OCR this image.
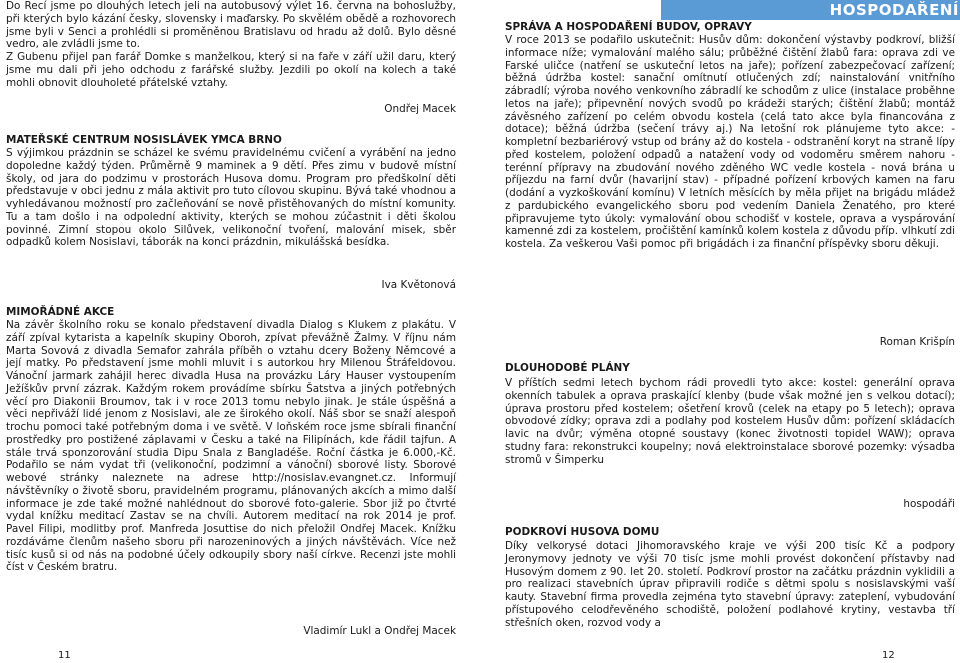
Do Recí jsme po dlouhých letech jeli na autobusový výlet 16. června na bohoslužby, při kterých bylo kázání česky, slovensky i maďarsky. Po skvělém obědě a rozhovorech jsme byli v Senci a prohlédli si proměněnou Bratislavu od hradu až dolů. Bylo děsné vedro, ale zvládli jsme to.

Z Gubenu přijel pan farář Domke s manželkou, který si na faře v září užil daru, který jsme mu dali při jeho odchodu z farářské služby. Jezdili po okolí na kolech a také mohli obnovit dlouholeté přátelské vztahy.

Ondřej Macek
MATEŘSKÉ CENTRUM NOSISLÁVEK YMCA BRNO

S výjimkou prázdnin se scházel ke svému pravidelnému cvičení a vyrábění na jedno dopoledne každý týden. Průměrně 9 maminek a 9 dětí. Přes zimu v budově místní školy, od jara do podzimu v prostorách Husova domu. Program pro předškolní děti představuje v obci jednu z mála aktivit pro tuto cílovou skupinu. Bývá také vhodnou a vyhledávanou možností pro začleňování se nově přistěhovaných do místní komunity. Tu a tam došlo i na odpolední aktivity, kterých se mohou zúčastnit i děti školou povinné. Zimní stopou okolo Silůvek, velikonoční tvoření, malování misek, sběr odpadků kolem Nosislavi, táborák na konci prázdnin, mikulášská besídka.

Iva Květonová
MIMOŘÁDNÉ AKCE

Na závěr školního roku se konalo představení divadla Dialog s Klukem z plakátu. V září zpíval kytarista a kapelník skupiny Oboroh, zpívat převážně Žalmy. V říjnu nám Marta Sovová z divadla Semafor zahrála příběh o vztahu dcery Boženy Němcové a její matky. Po představení jsme mohli mluvit i s autorkou hry Milenou Štráfeldovou. Vánoční jarmark zahájil herec divadla Husa na provázku Láry Hauser vystoupením Ježíškův první zázrak. Každým rokem provádíme sbírku Šatstva a jiných potřebných věcí pro Diakonii Broumov, tak i v roce 2013 tomu nebylo jinak. Je stále úspěšná a věci nepřiváží lidé jenom z Nosislavi, ale ze širokého okolí. Náš sbor se snaží alespoň trochu pomoci také potřebným doma i ve světě. V loňském roce jsme sbírali finanční prostředky pro postižené záplavami v Česku a také na Filipínách, kde řádil tajfun. A stále trvá sponzorování studia Dipu Snala z Bangladéše. Roční částka je 6.000,-Kč. Podařilo se nám vydat tři (velikonoční, podzimní a vánoční) sborové listy. Sborové webové stránky naleznete na adrese http://nosislav.evangnet.cz. Informují návštěvníky o životě sboru, pravidelném programu, plánovaných akcích a mimo další informace je zde také možné nahlédnout do sborové foto-galerie. Sbor již po čtvrté vydal knížku meditací Zastav se na chvíli. Autorem meditací na rok 2014 je prof. Pavel Filipi, modlitby prof. Manfreda Josuttise do nich přeložil Ondřej Macek. Knížku rozdáváme členům našeho sboru při narozeninových a jiných návštěvách. Více než tisíc kusů si od nás na podobné účely odkoupily sbory naší církve. Recenzi jste mohli číst v Českém bratru.

Vladimír Lukl a Ondřej Macek
11
HOSPODAŘENÍ
SPRÁVA A HOSPODAŘENÍ BUDOV, OPRAVY

V roce 2013 se podařilo uskutečnit: Husův dům: dokončení výstavby podkroví, bližší informace níže; vymalování malého sálu; průběžné čištění žlabů fara: oprava zdi ve Farské uličce (natření se uskuteční letos na jaře); pořízení zabezpečovací zařízení; běžná údržba kostel: sanační omítnutí otlučených zdí; nainstalování vnitřního zábradlí; výroba nového venkovního zábradlí ke schodům z ulice (instalace proběhne letos na jaře); připevnění nových svodů po krádeži starých; čištění žlabů; montáž závěsného zařízení po celém obvodu kostela (celá tato akce byla financována z dotace); běžná údržba (sečení trávy aj.) Na letošní rok plánujeme tyto akce: - kompletní bezbariérový vstup od brány až do kostela - odstranění koryt na straně lípy před kostelem, položení odpadů a natažení vody od vodoměru směrem nahoru - terénní přípravy na zbudování nového zděného WC vedle kostela - nová brána u příjezdu na farní dvůr (havarijní stav) - případné pořízení krbových kamen na faru (dodání a vyzkoškování komínu) V letních měsících by měla přijet na brigádu mládež z pardubického evangelického sboru pod vedením Daniela Ženatého, pro které připravujeme tyto úkoly: vymalování obou schodišť v kostele, oprava a vyspárování kamenné zdi za kostelem, pročištění kamínků kolem kostela z důvodu příp. vlhkutí zdi kostela. Za veškerou Vaši pomoc při brigádách i za finanční příspěvky sboru děkuji.

Roman Krišpín
DLOUHODOBÉ PLÁNY

V příštích sedmi letech bychom rádi provedli tyto akce: kostel: generální oprava okenních tabulek a oprava praskající klenby (bude však možné jen s velkou dotací); úprava prostoru před kostelem; ošetření krovů (celek na etapy po 5 letech); oprava obvodové zídky; oprava zdi a podlahy pod kostelem Husův dům: pořízení skládacích lavic na dvůr; výměna otopné soustavy (konec životnosti topidel WAW); oprava studny fara: rekonstrukci koupelny; nová elektroinstalace sborové pozemky: výsadba stromů v Šimperku

hospodáři
PODKROVÍ HUSOVA DOMU

Díky velkorysé dotaci Jihomoravského kraje ve výši 200 tisíc Kč a podpory Jeronymovy jednoty ve výši 70 tisíc jsme mohli provést dokončení přístavby nad Husovým domem z 90. let 20. století. Podkroví prostor na začátku prázdnin vyklidili a pro realizaci stavebních úprav připravili rodiče s dětmi spolu s nosislavskými vaší kauty. Stavební firma provedla zejména tyto stavební úpravy: zateplení, vybudování přístupového celodřevěného schodiště, položení podlahové krytiny, vestavba tří střešních oken, rozvod vody a

12
